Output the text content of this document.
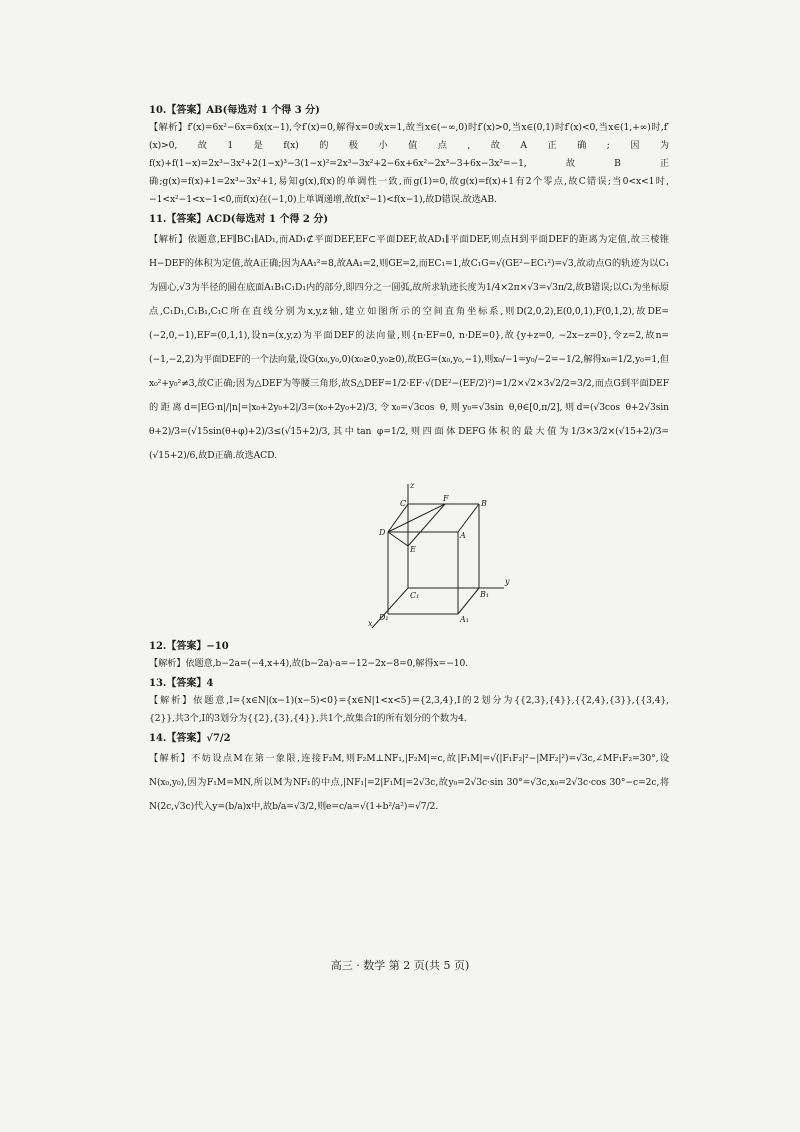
10.【答案】AB(每选对 1 个得 3 分)

【解析】f′(x)=6x²−6x=6x(x−1),令f′(x)=0,解得x=0或x=1,故当x∈(−∞,0)时f′(x)>0,当x∈(0,1)时f′(x)<0,当x∈(1,+∞)时,f′(x)>0,故1是f(x)的极小值点,故A正确;因为f(x)+f(1−x)=2x³−3x²+2(1−x)³−3(1−x)²=2x³−3x²+2−6x+6x²−2x³−3+6x−3x²=−1,故B正确;g(x)=f(x)+1=2x³−3x²+1,易知g(x),f(x)的单调性一致,而g(1)=0,故g(x)=f(x)+1有2个零点,故C错误;当0<x<1时,−1<x²−1<x−1<0,而f(x)在(−1,0)上单调递增,故f(x²−1)<f(x−1),故D错误.故选AB.

11.【答案】ACD(每选对 1 个得 2 分)

【解析】依题意,EF∥BC₁∥AD₁,而AD₁⊄平面DEF,EF⊂平面DEF,故AD₁∥平面DEF,则点H到平面DEF的距离为定值,故三棱锥H−DEF的体积为定值,故A正确;因为AA₁²=8,故AA₁=2,则GE=2,而EC₁=1,故C₁G=√(GE²−EC₁²)=√3,故动点G的轨迹为以C₁为圆心,√3为半径的圆在底面A₁B₁C₁D₁内的部分,即四分之一圆弧,故所求轨迹长度为1/4×2π×√3=√3π/2,故B错误;以C₁为坐标原点,C₁D₁,C₁B₁,C₁C所在直线分别为x,y,z轴,建立如图所示的空间直角坐标系,则D(2,0,2),E(0,0,1),F(0,1,2),故DE=(−2,0,−1),EF=(0,1,1),设n=(x,y,z)为平面DEF的法向量,则{n·EF=0, n·DE=0},故{y+z=0, −2x−z=0},令z=2,故n=(−1,−2,2)为平面DEF的一个法向量,设G(x₀,y₀,0)(x₀≥0,y₀≥0),故EG=(x₀,y₀,−1),则x₀/−1=y₀/−2=−1/2,解得x₀=1/2,y₀=1,但x₀²+y₀²≠3,故C正确;因为△DEF为等腰三角形,故S△DEF=1/2·EF·√(DE²−(EF/2)²)=1/2×√2×3√2/2=3/2,而点G到平面DEF的距离d=|EG·n|/|n|=|x₀+2y₀+2|/3=(x₀+2y₀+2)/3,令x₀=√3cos θ,则y₀=√3sin θ,θ∈[0,π/2],则d=(√3cos θ+2√3sin θ+2)/3=(√15sin(θ+φ)+2)/3≤(√15+2)/3,其中tan φ=1/2,则四面体DEFG体积的最大值为1/3×3/2×(√15+2)/3=(√15+2)/6,故D正确.故选ACD.

z
C
F
B
D	A
E
y
C₁	B₁
x
D₁	A₁
12.【答案】−10

【解析】依题意,b−2a=(−4,x+4),故(b−2a)·a=−12−2x−8=0,解得x=−10.

13.【答案】4

【解析】依题意,I={x∈N|(x−1)(x−5)<0}={x∈N|1<x<5}={2,3,4},I的2划分为{{2,3},{4}},{{2,4},{3}},{{3,4},{2}},共3个,I的3划分为{{2},{3},{4}},共1个,故集合I的所有划分的个数为4.

14.【答案】√7/2

【解析】不妨设点M在第一象限,连接F₂M,则F₂M⊥NF₁,|F₂M|=c,故|F₁M|=√(|F₁F₂|²−|MF₂|²)=√3c,∠MF₁F₂=30°,设N(x₀,y₀),因为F₁M=MN,所以M为NF₁的中点,|NF₁|=2|F₁M|=2√3c,故y₀=2√3c·sin 30°=√3c,x₀=2√3c·cos 30°−c=2c,将N(2c,√3c)代入y=(b/a)x中,故b/a=√3/2,则e=c/a=√(1+b²/a²)=√7/2.

高三 · 数学 第 2 页(共 5 页)
